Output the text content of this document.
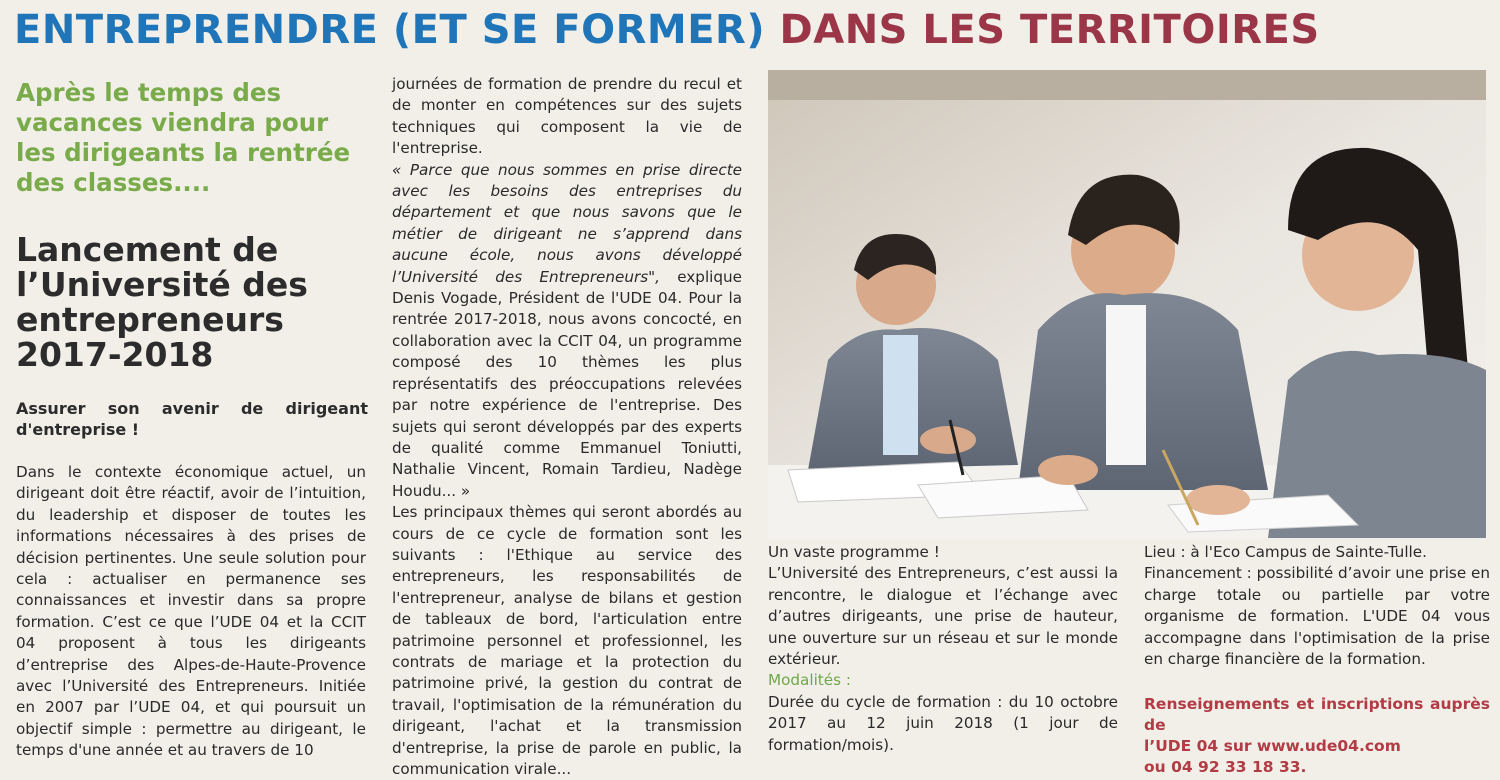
ENTREPRENDRE (ET SE FORMER) DANS LES TERRITOIRES
Après le temps des vacances viendra pour les dirigeants la rentrée des classes....
Lancement de
l’Université des
entrepreneurs
2017-2018
Assurer son avenir de dirigeant d'entreprise !
Dans le contexte économique actuel, un dirigeant doit être réactif, avoir de l’intuition, du leadership et disposer de toutes les informations nécessaires à des prises de décision pertinentes. Une seule solution pour cela : actualiser en permanence ses connaissances et investir dans sa propre formation. C’est ce que l’UDE 04 et la CCIT 04 proposent à tous les dirigeants d’entreprise des Alpes-de-Haute-Provence avec l’Université des Entrepreneurs. Initiée en 2007 par l’UDE 04, et qui poursuit un objectif simple : permettre au dirigeant, le temps d'une année et au travers de 10

journées de formation de prendre du recul et de monter en compétences sur des sujets techniques qui composent la vie de l'entreprise.

« Parce que nous sommes en prise directe avec les besoins des entreprises du département et que nous savons que le métier de dirigeant ne s’apprend dans aucune école, nous avons développé l’Université des Entrepreneurs", explique Denis Vogade, Président de l'UDE 04. Pour la rentrée 2017-2018, nous avons concocté, en collaboration avec la CCIT 04, un programme composé des 10 thèmes les plus représentatifs des préoccupations relevées par notre expérience de l'entreprise. Des sujets qui seront développés par des experts de qualité comme Emmanuel Toniutti, Nathalie Vincent, Romain Tardieu, Nadège Houdu... »

Les principaux thèmes qui seront abordés au cours de ce cycle de formation sont les suivants : l'Ethique au service des entrepreneurs, les responsabilités de l'entrepreneur, analyse de bilans et gestion de tableaux de bord, l'articulation entre patrimoine personnel et professionnel, les contrats de mariage et la protection du patrimoine privé, la gestion du contrat de travail, l'optimisation de la rémunération du dirigeant, l'achat et la transmission d'entreprise, la prise de parole en public, la communication virale...

Un vaste programme !

L’Université des Entrepreneurs, c’est aussi la rencontre, le dialogue et l’échange avec d’autres dirigeants, une prise de hauteur, une ouverture sur un réseau et sur le monde extérieur.

Modalités :

Durée du cycle de formation : du 10 octobre 2017 au 12 juin 2018 (1 jour de formation/mois).

Lieu : à l'Eco Campus de Sainte-Tulle.

Financement : possibilité d’avoir une prise en charge totale ou partielle par votre organisme de formation. L'UDE 04 vous accompagne dans l'optimisation de la prise en charge financière de la formation.

Renseignements et inscriptions auprès de
l’UDE 04 sur www.ude04.com
ou 04 92 33 18 33.
